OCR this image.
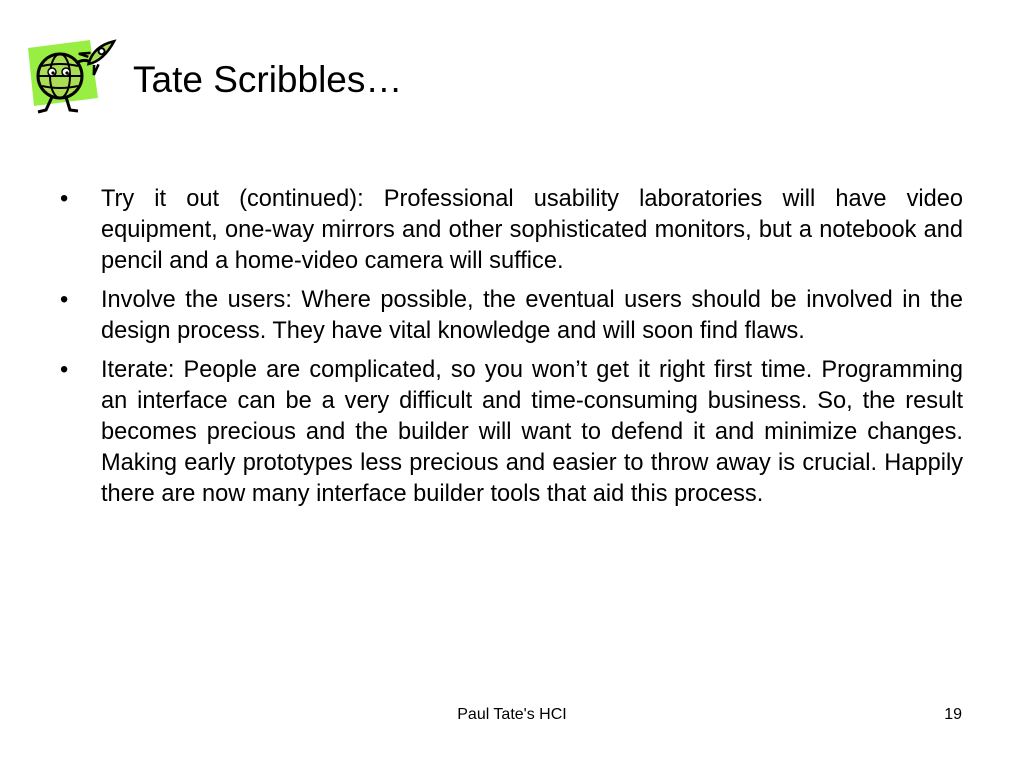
Tate Scribbles…
•	Try it out (continued): Professional usability laboratories will have video equipment, one-way mirrors and other sophisticated monitors, but a notebook and pencil and a home-video camera will suffice.
•	Involve the users: Where possible, the eventual users should be involved in the design process. They have vital knowledge and will soon find flaws.
•	Iterate: People are complicated, so you won’t get it right first time. Programming an interface can be a very difficult and time-consuming business. So, the result becomes precious and the builder will want to defend it and minimize changes. Making early prototypes less precious and easier to throw away is crucial. Happily there are now many interface builder tools that aid this process.
Paul Tate's HCI	19
